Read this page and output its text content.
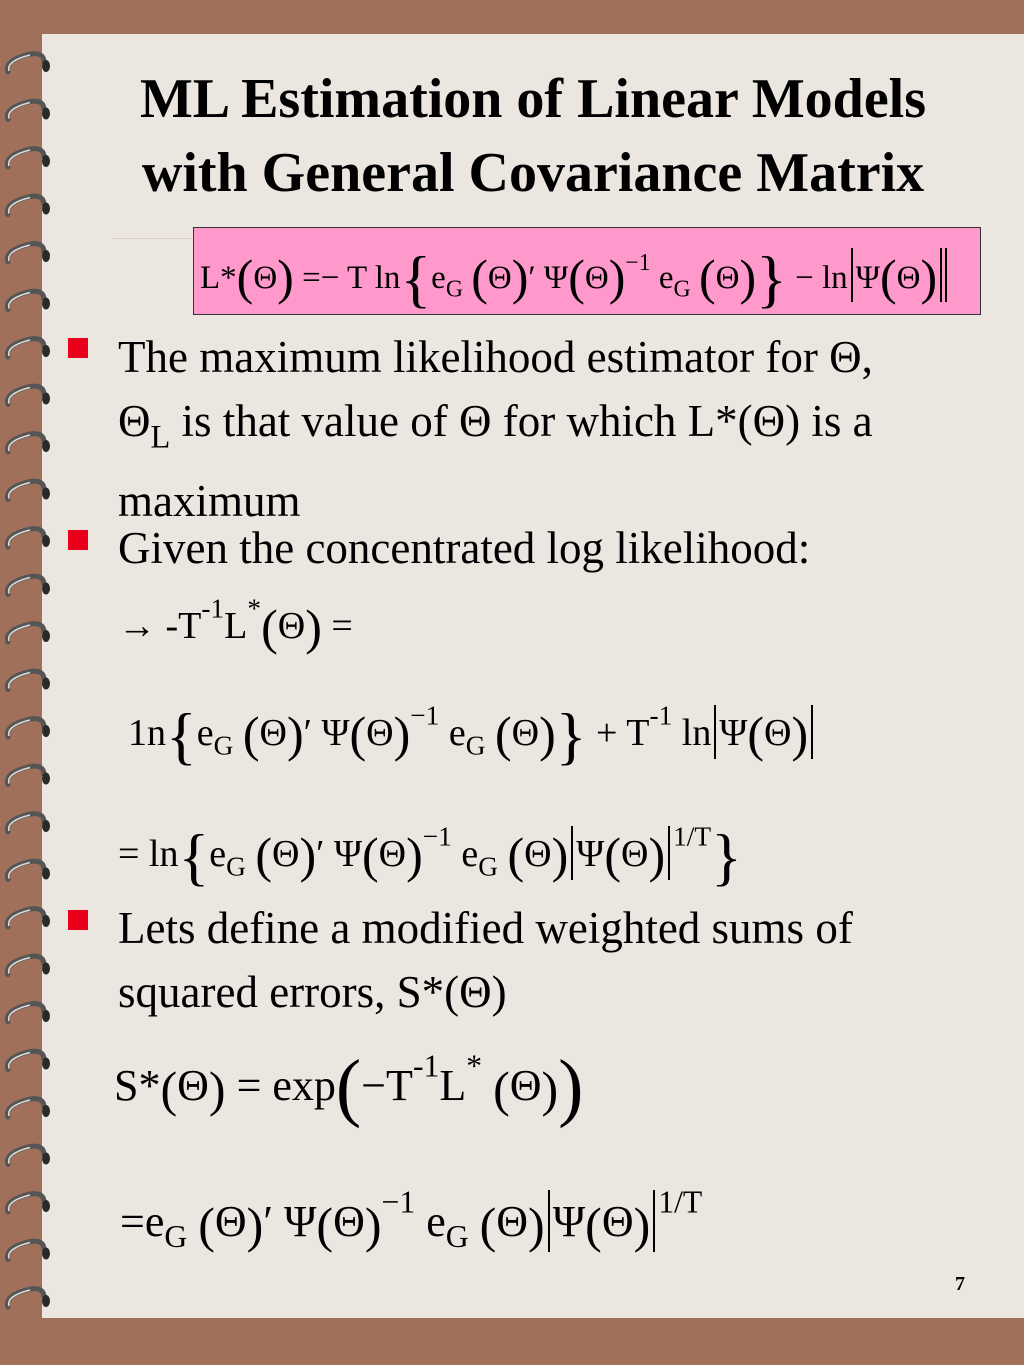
ML Estimation of Linear Models
with General Covariance Matrix
L*(Θ) =− T $\ln\{e_G$ (Θ)′ $\Psi(\Theta)^{-1}$ $e_G$ (Θ)} − ln Ψ(Θ)
The maximum likelihood estimator for Θ,
$\Theta_L$ is that value of Θ for which L*(Θ) is a
maximum
Given the concentrated log likelihood:
→ $-T^{-1}L^*(\Theta)$ =
$1n\{e_G$ (Θ)′ $\Psi(\Theta)^{-1}$ $e_G$ $(\Theta)\} + T^{-1}$ ln Ψ(Θ)
= $\ln\{e_G$ (Θ)′ $\Psi(\Theta)^{-1}$ $e_G$ (Θ) Ψ(Θ) $^{1/T}$}
Lets define a modified weighted sums of
squared errors, S*(Θ)
$S*(\Theta) = \exp(-T^{-1}L^*$ (Θ))
$=e_G$ (Θ)′ $\Psi(\Theta)^{-1}$ $e_G$ (Θ) Ψ(Θ) $^{1/T}$
7
